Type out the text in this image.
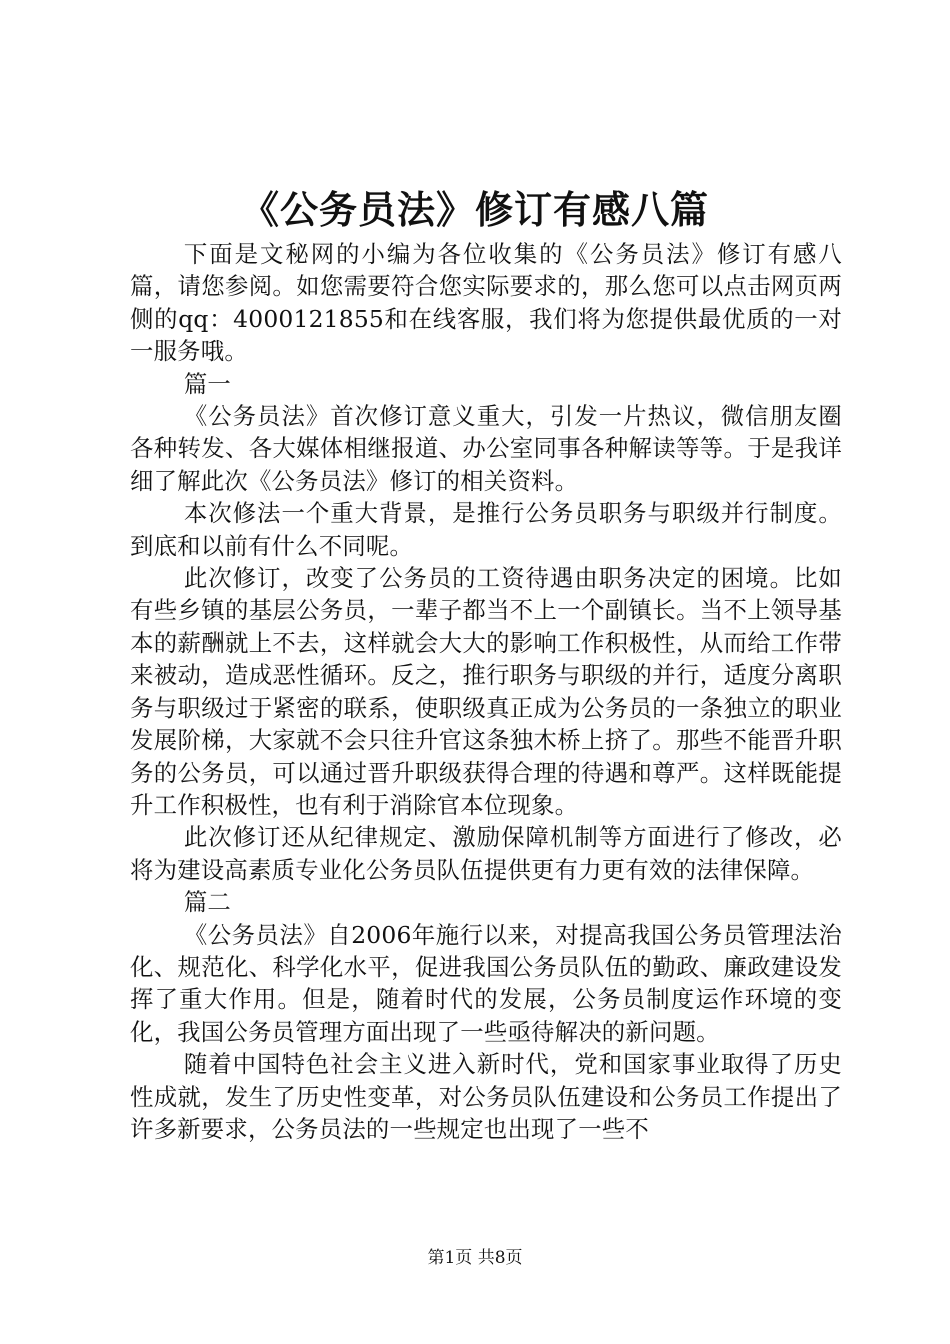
《公务员法》修订有感八篇

下面是文秘网的小编为各位收集的《公务员法》修订有感八篇，请您参阅。如您需要符合您实际要求的，那么您可以点击网页两侧的qq：4000121855和在线客服，我们将为您提供最优质的一对一服务哦。

篇一

《公务员法》首次修订意义重大，引发一片热议，微信朋友圈各种转发、各大媒体相继报道、办公室同事各种解读等等。于是我详细了解此次《公务员法》修订的相关资料。

本次修法一个重大背景，是推行公务员职务与职级并行制度。到底和以前有什么不同呢。

此次修订，改变了公务员的工资待遇由职务决定的困境。比如有些乡镇的基层公务员，一辈子都当不上一个副镇长。当不上领导基本的薪酬就上不去，这样就会大大的影响工作积极性，从而给工作带来被动，造成恶性循环。反之，推行职务与职级的并行，适度分离职务与职级过于紧密的联系，使职级真正成为公务员的一条独立的职业发展阶梯，大家就不会只往升官这条独木桥上挤了。那些不能晋升职务的公务员，可以通过晋升职级获得合理的待遇和尊严。这样既能提升工作积极性，也有利于消除官本位现象。

此次修订还从纪律规定、激励保障机制等方面进行了修改，必将为建设高素质专业化公务员队伍提供更有力更有效的法律保障。

篇二

《公务员法》自2006年施行以来，对提高我国公务员管理法治化、规范化、科学化水平，促进我国公务员队伍的勤政、廉政建设发挥了重大作用。但是，随着时代的发展，公务员制度运作环境的变化，我国公务员管理方面出现了一些亟待解决的新问题。

随着中国特色社会主义进入新时代，党和国家事业取得了历史性成就，发生了历史性变革，对公务员队伍建设和公务员工作提出了许多新要求，公务员法的一些规定也出现了一些不

第1页 共8页
